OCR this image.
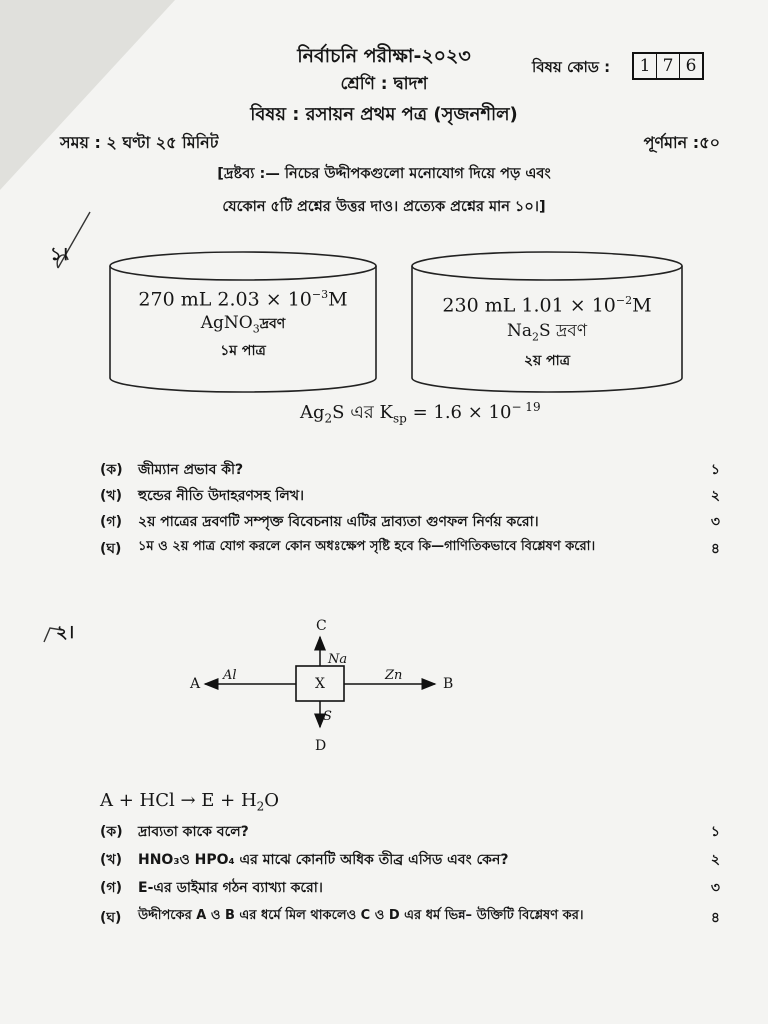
নির্বাচনি পরীক্ষা-২০২৩
শ্রেণি : দ্বাদশ
বিষয় : রসায়ন প্রথম পত্র (সৃজনশীল)
বিষয় কোড :	1 7 6
সময় : ২ ঘণ্টা ২৫ মিনিট	পূর্ণমান :৫০
[দ্রষ্টব্য :— নিচের উদ্দীপকগুলো মনোযোগ দিয়ে পড় এবং
যেকোন ৫টি প্রশ্নের উত্তর দাও। প্রত্যেক প্রশ্নের মান ১০।]
১।
270 mL $2.03 \times 10^{-3}M$
AgNO$_3$দ্রবণ
১ম পাত্র
230 mL $1.01 \times 10^{-2}M$
$Na_2S$ দ্রবণ
২য় পাত্র
$Ag_2S$ এর $K_{sp} = 1.6 \times 10^{- 19}$
(ক)	জীম্যান প্রভাব কী?	১
(খ)	হুন্ডের নীতি উদাহরণসহ লিখ।	২
(গ)	২য় পাত্রের দ্রবণটি সম্পৃক্ত বিবেচনায় এটির দ্রাব্যতা গুণফল নির্ণয় করো।	৩
(ঘ)	১ম ও ২য় পাত্র যোগ করলে কোন অধঃক্ষেপ সৃষ্টি হবে কি—গাণিতিকভাবে বিশ্লেষণ করো।	৪
২।
X
C
D
A	B
Na
S
Al	Zn
A + HCl → $E + H_2O$
(ক)	দ্রাব্যতা কাকে বলে?	১
(খ)	HNO₃ও HPO₄ এর মাঝে কোনটি অধিক তীব্র এসিড এবং কেন?	২
(গ)	E-এর ডাইমার গঠন ব্যাখ্যা করো।	৩
(ঘ)	উদ্দীপকের A ও B এর ধর্মে মিল থাকলেও C ও D এর ধর্ম ভিন্ন– উক্তিটি বিশ্লেষণ কর।	৪
